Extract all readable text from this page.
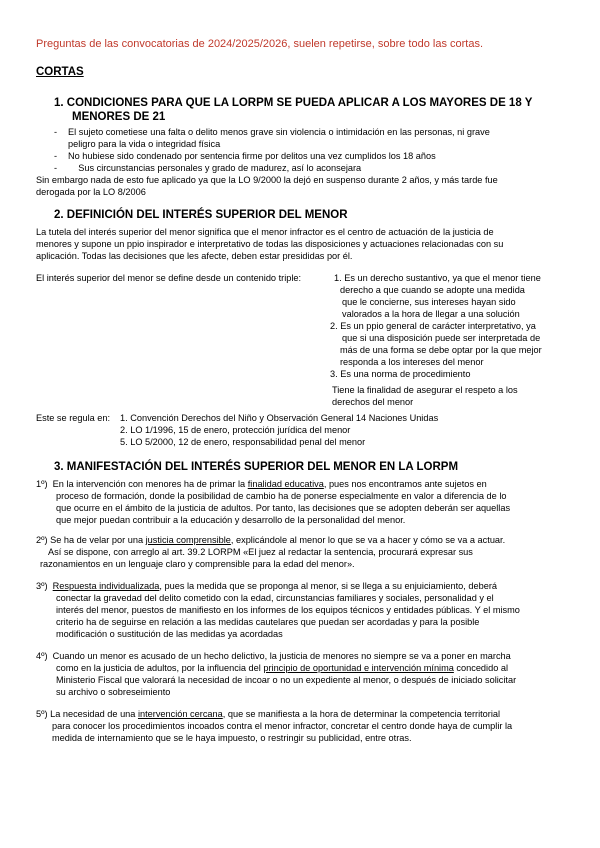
Preguntas de las convocatorias de 2024/2025/2026, suelen repetirse, sobre todo las cortas.
CORTAS
1. CONDICIONES PARA QUE LA LORPM SE PUEDA APLICAR A LOS MAYORES DE 18 Y
MENORES DE 21
- El sujeto cometiese una falta o delito menos grave sin violencia o intimidación en las personas, ni grave
peligro para la vida o integridad física
- No hubiese sido condenado por sentencia firme por delitos una vez cumplidos los 18 años
- Sus circunstancias personales y grado de madurez, así lo aconsejara
Sin embargo nada de esto fue aplicado ya que la LO 9/2000 la dejó en suspenso durante 2 años, y más tarde fue
derogada por la LO 8/2006
2. DEFINICIÓN DEL INTERÉS SUPERIOR DEL MENOR
La tutela del interés superior del menor significa que el menor infractor es el centro de actuación de la justicia de
menores y supone un ppio inspirador e interpretativo de todas las disposiciones y actuaciones relacionadas con su
aplicación. Todas las decisiones que les afecte, deben estar presididas por él.
El interés superior del menor se define desde un contenido triple:	1. Es un derecho sustantivo, ya que el menor tiene
derecho a que cuando se adopte una medida
que le concierne, sus intereses hayan sido
valorados a la hora de llegar a una solución
2. Es un ppio general de carácter interpretativo, ya
que si una disposición puede ser interpretada de
más de una forma se debe optar por la que mejor
responda a los intereses del menor
3. Es una norma de procedimiento
Tiene la finalidad de asegurar el respeto a los
derechos del menor
Este se regula en: 1. Convención Derechos del Niño y Observación General 14 Naciones Unidas
2. LO 1/1996, 15 de enero, protección jurídica del menor
5. LO 5/2000, 12 de enero, responsabilidad penal del menor
3. MANIFESTACIÓN DEL INTERÉS SUPERIOR DEL MENOR EN LA LORPM
1º) En la intervención con menores ha de primar la finalidad educativa, pues nos encontramos ante sujetos en
proceso de formación, donde la posibilidad de cambio ha de ponerse especialmente en valor a diferencia de lo
que ocurre en el ámbito de la justicia de adultos. Por tanto, las decisiones que se adopten deberán ser aquellas
que mejor puedan contribuir a la educación y desarrollo de la personalidad del menor.
2º) Se ha de velar por una justicia comprensible, explicándole al menor lo que se va a hacer y cómo se va a actuar.
Así se dispone, con arreglo al art. 39.2 LORPM «El juez al redactar la sentencia, procurará expresar sus
razonamientos en un lenguaje claro y comprensible para la edad del menor».
3º) Respuesta individualizada, pues la medida que se proponga al menor, si se llega a su enjuiciamiento, deberá
conectar la gravedad del delito cometido con la edad, circunstancias familiares y sociales, personalidad y el
interés del menor, puestos de manifiesto en los informes de los equipos técnicos y entidades públicas. Y el mismo
criterio ha de seguirse en relación a las medidas cautelares que puedan ser acordadas y para la posible
modificación o sustitución de las medidas ya acordadas
4º) Cuando un menor es acusado de un hecho delictivo, la justicia de menores no siempre se va a poner en marcha
como en la justicia de adultos, por la influencia del principio de oportunidad e intervención mínima concedido al
Ministerio Fiscal que valorará la necesidad de incoar o no un expediente al menor, o después de iniciado solicitar
su archivo o sobreseimiento
5º) La necesidad de una intervención cercana, que se manifiesta a la hora de determinar la competencia territorial
para conocer los procedimientos incoados contra el menor infractor, concretar el centro donde haya de cumplir la
medida de internamiento que se le haya impuesto, o restringir su publicidad, entre otras.
